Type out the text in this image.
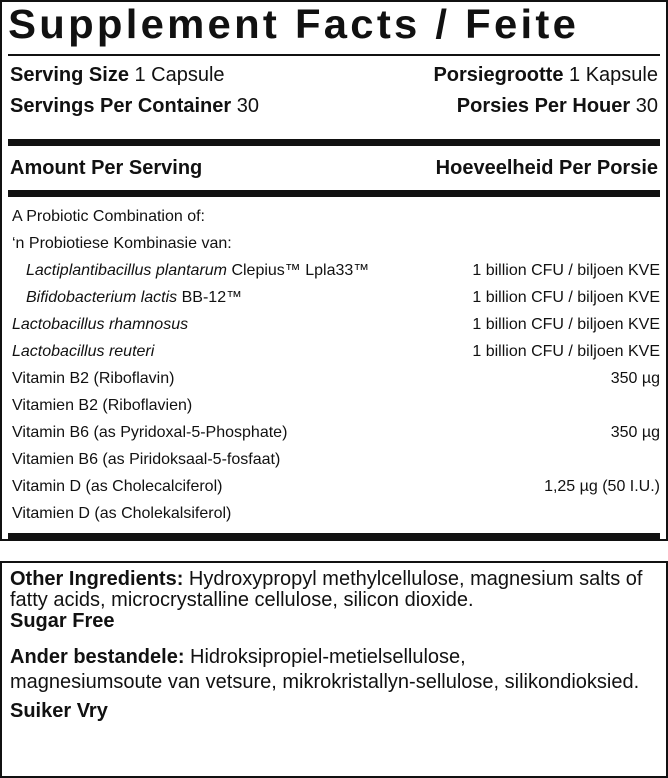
Supplement Facts / Feite
Serving Size 1 Capsule	Porsiegrootte 1 Kapsule
Servings Per Container 30	Porsies Per Houer 30
Amount Per Serving	Hoeveelheid Per Porsie
A Probiotic Combination of:
‘n Probiotiese Kombinasie van:
Lactiplantibacillus plantarum Clepius™ Lpla33™	1 billion CFU / biljoen KVE
Bifidobacterium lactis BB-12™	1 billion CFU / biljoen KVE
Lactobacillus rhamnosus	1 billion CFU / biljoen KVE
Lactobacillus reuteri	1 billion CFU / biljoen KVE
Vitamin B2 (Riboflavin)	350 µg
Vitamien B2 (Riboflavien)
Vitamin B6 (as Pyridoxal-5-Phosphate)	350 µg
Vitamien B6 (as Piridoksaal-5-fosfaat)
Vitamin D (as Cholecalciferol)	1,25 µg (50 I.U.)
Vitamien D (as Cholekalsiferol)

Other Ingredients: Hydroxypropyl methylcellulose, magnesium salts of fatty acids, microcrystalline cellulose, silicon dioxide.

Sugar Free

Ander bestandele: Hidroksipropiel-metielsellulose,

magnesiumsoute van vetsure, mikrokristallyn-sellulose, silikondioksied.

Suiker Vry
